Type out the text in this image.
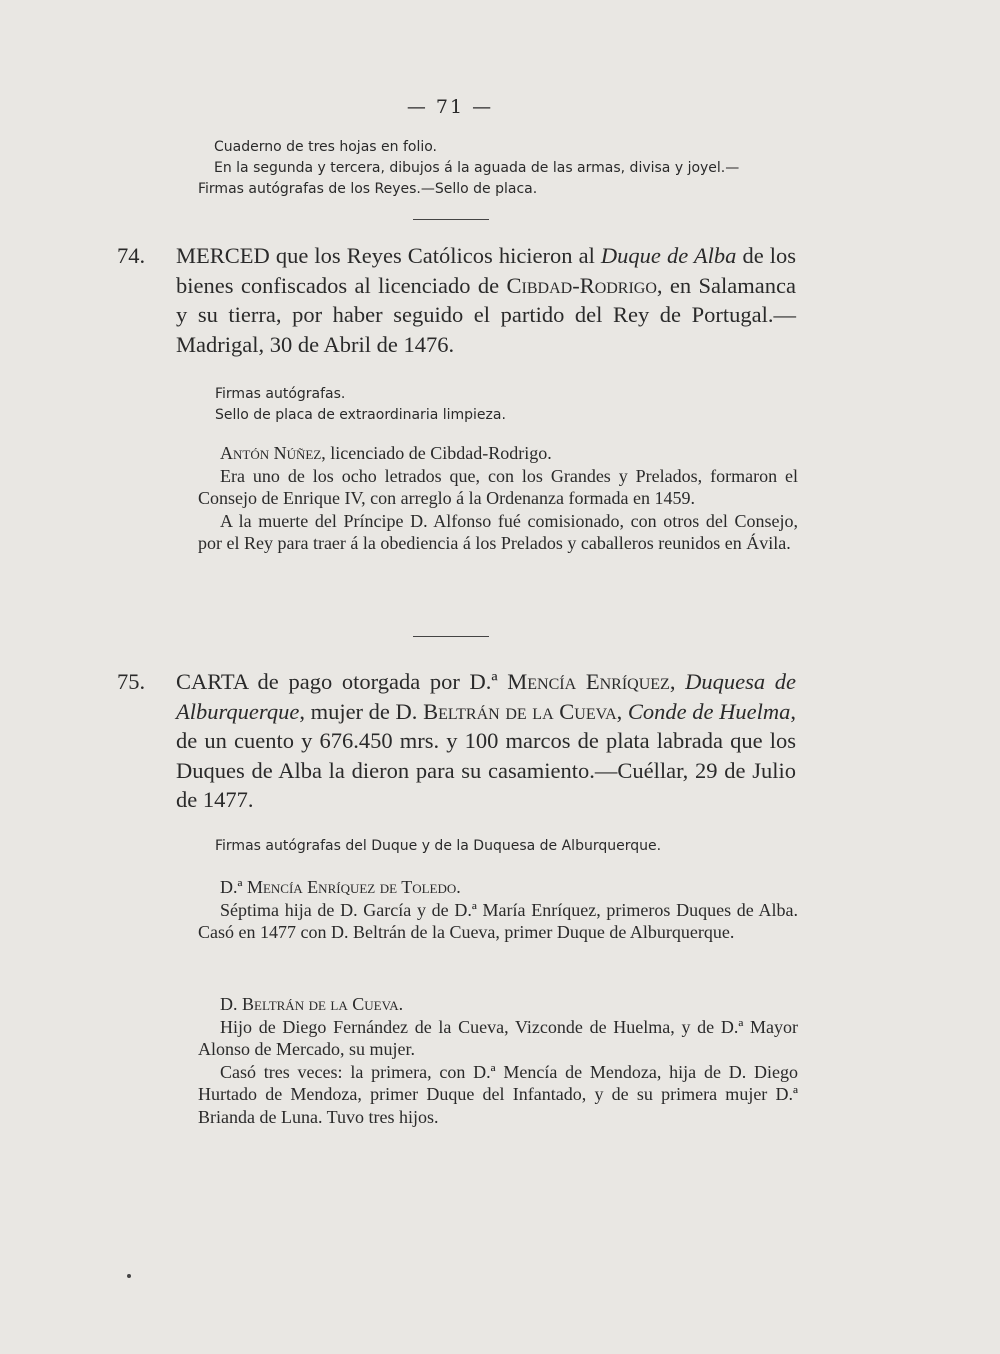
— 71 —
Cuaderno de tres hojas en folio.
En la segunda y tercera, dibujos á la aguada de las armas, divisa y joyel.—
Firmas autógrafas de los Reyes.—Sello de placa.
74. MERCED que los Reyes Católicos hicieron al Duque de Alba de los bienes confiscados al licenciado de Cibdad-Rodrigo, en Salamanca y su tierra, por haber seguido el partido del Rey de Portugal.—Madrigal, 30 de Abril de 1476.
Firmas autógrafas.
Sello de placa de extraordinaria limpieza.

Antón Núñez, licenciado de Cibdad-Rodrigo.

Era uno de los ocho letrados que, con los Grandes y Prelados, formaron el Consejo de Enrique IV, con arreglo á la Ordenanza formada en 1459.

A la muerte del Príncipe D. Alfonso fué comisionado, con otros del Consejo, por el Rey para traer á la obediencia á los Prelados y caballeros reunidos en Ávila.

75. CARTA de pago otorgada por D.ª Mencía Enríquez, Duquesa de Alburquerque, mujer de D. Beltrán de la Cueva, Conde de Huelma, de un cuento y 676.450 mrs. y 100 marcos de plata labrada que los Duques de Alba la dieron para su casamiento.—Cuéllar, 29 de Julio de 1477.
Firmas autógrafas del Duque y de la Duquesa de Alburquerque.

D.ª Mencía Enríquez de Toledo.

Séptima hija de D. García y de D.ª María Enríquez, primeros Duques de Alba. Casó en 1477 con D. Beltrán de la Cueva, primer Duque de Alburquerque.

D. Beltrán de la Cueva.

Hijo de Diego Fernández de la Cueva, Vizconde de Huelma, y de D.ª Mayor Alonso de Mercado, su mujer.

Casó tres veces: la primera, con D.ª Mencía de Mendoza, hija de D. Diego Hurtado de Mendoza, primer Duque del Infantado, y de su primera mujer D.ª Brianda de Luna. Tuvo tres hijos.
